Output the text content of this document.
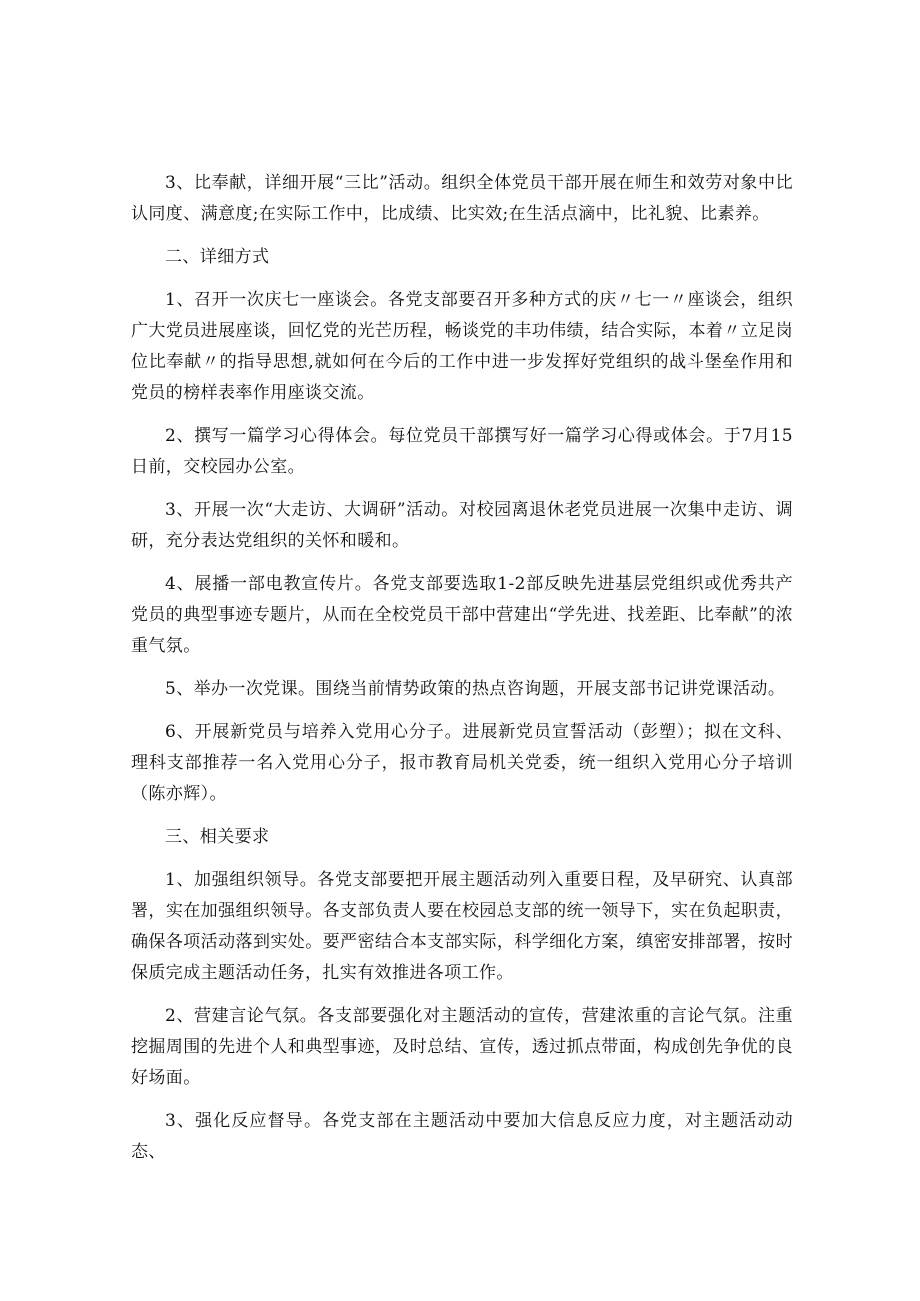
3、比奉献，详细开展“三比”活动。组织全体党员干部开展在师生和效劳对象中比认同度、满意度;在实际工作中，比成绩、比实效;在生活点滴中，比礼貌、比素养。

二、详细方式

1、召开一次庆七一座谈会。各党支部要召开多种方式的庆〃七一〃座谈会，组织广大党员进展座谈，回忆党的光芒历程，畅谈党的丰功伟绩，结合实际，本着〃立足岗位比奉献〃的指导思想,就如何在今后的工作中进一步发挥好党组织的战斗堡垒作用和党员的榜样表率作用座谈交流。

2、撰写一篇学习心得体会。每位党员干部撰写好一篇学习心得或体会。于7月15日前，交校园办公室。

3、开展一次“大走访、大调研”活动。对校园离退休老党员进展一次集中走访、调研，充分表达党组织的关怀和暖和。

4、展播一部电教宣传片。各党支部要选取1-2部反映先进基层党组织或优秀共产党员的典型事迹专题片，从而在全校党员干部中营建出“学先进、找差距、比奉献”的浓重气氛。

5、举办一次党课。围绕当前情势政策的热点咨询题，开展支部书记讲党课活动。

6、开展新党员与培养入党用心分子。进展新党员宣誓活动（彭塑）；拟在文科、理科支部推荐一名入党用心分子，报市教育局机关党委，统一组织入党用心分子培训（陈亦辉）。

三、相关要求

1、加强组织领导。各党支部要把开展主题活动列入重要日程，及早研究、认真部署，实在加强组织领导。各支部负责人要在校园总支部的统一领导下，实在负起职责，确保各项活动落到实处。要严密结合本支部实际，科学细化方案，缜密安排部署，按时保质完成主题活动任务，扎实有效推进各项工作。

2、营建言论气氛。各支部要强化对主题活动的宣传，营建浓重的言论气氛。注重挖掘周围的先进个人和典型事迹，及时总结、宣传，透过抓点带面，构成创先争优的良好场面。

3、强化反应督导。各党支部在主题活动中要加大信息反应力度，对主题活动动态、
